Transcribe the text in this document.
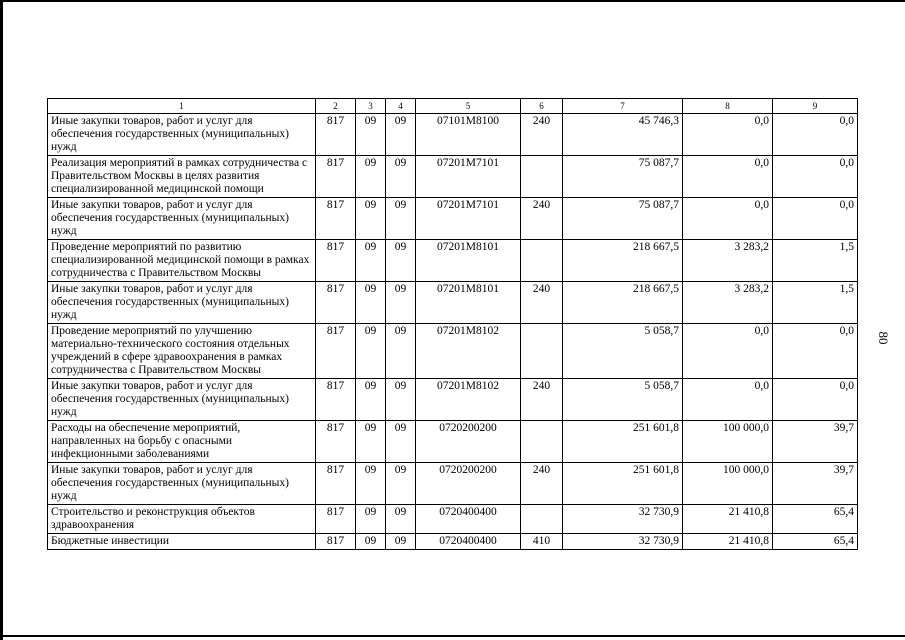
80
1	2	3	4	5	6	7	8	9
Иные закупки товаров, работ и услуг для обеспечения государственных (муниципальных) нужд	817	09	09	07101М8100	240	45 746,3	0,0	0,0
Реализация мероприятий в рамках сотрудничества с Правительством Москвы в целях развития специализированной медицинской помощи	817	09	09	07201М7101		75 087,7	0,0	0,0
Иные закупки товаров, работ и услуг для обеспечения государственных (муниципальных) нужд	817	09	09	07201М7101	240	75 087,7	0,0	0,0
Проведение мероприятий по развитию специализированной медицинской помощи в рамках сотрудничества с Правительством Москвы	817	09	09	07201М8101		218 667,5	3 283,2	1,5
Иные закупки товаров, работ и услуг для обеспечения государственных (муниципальных) нужд	817	09	09	07201М8101	240	218 667,5	3 283,2	1,5
Проведение мероприятий по улучшению материально-технического состояния отдельных учреждений в сфере здравоохранения в рамках сотрудничества с Правительством Москвы	817	09	09	07201М8102		5 058,7	0,0	0,0
Иные закупки товаров, работ и услуг для обеспечения государственных (муниципальных) нужд	817	09	09	07201М8102	240	5 058,7	0,0	0,0
Расходы на обеспечение мероприятий, направленных на борьбу с опасными инфекционными заболеваниями	817	09	09	0720200200		251 601,8	100 000,0	39,7
Иные закупки товаров, работ и услуг для обеспечения государственных (муниципальных) нужд	817	09	09	0720200200	240	251 601,8	100 000,0	39,7
Строительство и реконструкция объектов здравоохранения	817	09	09	0720400400		32 730,9	21 410,8	65,4
Бюджетные инвестиции	817	09	09	0720400400	410	32 730,9	21 410,8	65,4
